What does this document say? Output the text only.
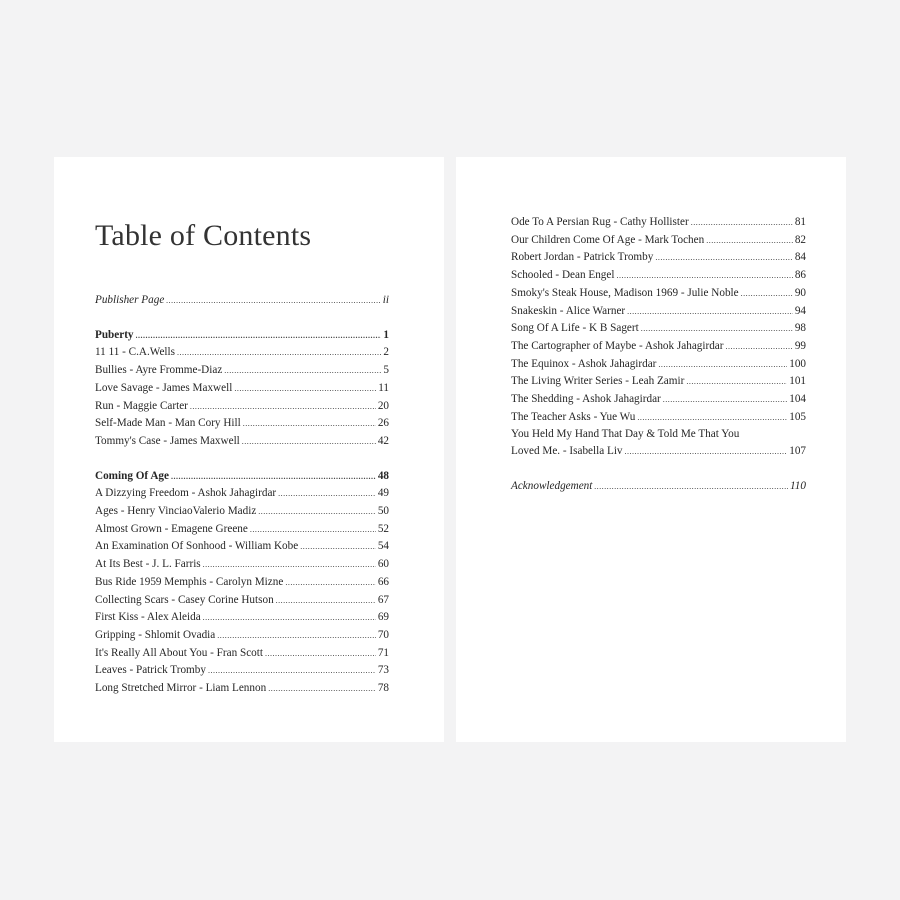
Table of Contents
Publisher Page .....	ii
Puberty .....	1
11 11 - C.A.Wells .....	2
Bullies - Ayre Fromme-Diaz .....	5
Love Savage - James Maxwell .....	11
Run - Maggie Carter .....	20
Self-Made Man - Man Cory Hill .....	26
Tommy's Case - James Maxwell .....	42
Coming Of Age .....	48
A Dizzying Freedom - Ashok Jahagirdar .....	49
Ages - Henry VinciaoValerio Madiz .....	50
Almost Grown - Emagene Greene .....	52
An Examination Of Sonhood - William Kobe .....	54
At Its Best - J. L. Farris .....	60
Bus Ride 1959 Memphis - Carolyn Mizne .....	66
Collecting Scars - Casey Corine Hutson .....	67
First Kiss - Alex Aleida .....	69
Gripping - Shlomit Ovadia .....	70
It's Really All About You - Fran Scott .....	71
Leaves - Patrick Tromby .....	73
Long Stretched Mirror - Liam Lennon .....	78
Ode To A Persian Rug - Cathy Hollister .....	81
Our Children Come Of Age - Mark Tochen .....	82
Robert Jordan - Patrick Tromby .....	84
Schooled - Dean Engel .....	86
Smoky's Steak House, Madison 1969 - Julie Noble .....	90
Snakeskin - Alice Warner .....	94
Song Of A Life - K B Sagert .....	98
The Cartographer of Maybe - Ashok Jahagirdar .....	99
The Equinox - Ashok Jahagirdar .....	100
The Living Writer Series - Leah Zamir .....	101
The Shedding - Ashok Jahagirdar .....	104
The Teacher Asks - Yue Wu .....	105
You Held My Hand That Day & Told Me That You
Loved Me. - Isabella Liv .....	107
Acknowledgement .....	110
